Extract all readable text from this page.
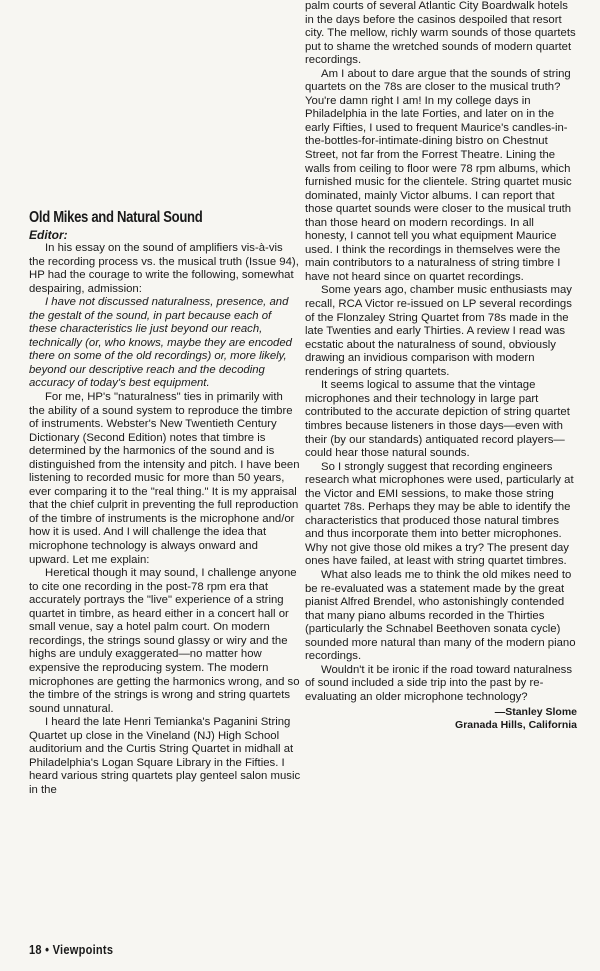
Old Mikes and Natural Sound
Editor:

In his essay on the sound of amplifiers vis-à-vis the recording process vs. the musical truth (Issue 94), HP had the courage to write the following, somewhat despairing, admission:

I have not discussed naturalness, presence, and the gestalt of the sound, in part because each of these characteristics lie just beyond our reach, technically (or, who knows, maybe they are encoded there on some of the old recordings) or, more likely, beyond our descriptive reach and the decoding accuracy of today's best equipment.

For me, HP's "naturalness" ties in primarily with the ability of a sound system to reproduce the timbre of instruments. Webster's New Twentieth Century Dictionary (Second Edition) notes that timbre is determined by the harmonics of the sound and is distinguished from the intensity and pitch. I have been listening to recorded music for more than 50 years, ever comparing it to the "real thing." It is my appraisal that the chief culprit in preventing the full reproduction of the timbre of instruments is the microphone and/or how it is used. And I will challenge the idea that microphone technology is always onward and upward. Let me explain:

Heretical though it may sound, I challenge anyone to cite one recording in the post-78 rpm era that accurately portrays the "live" experience of a string quartet in timbre, as heard either in a concert hall or small venue, say a hotel palm court. On modern recordings, the strings sound glassy or wiry and the highs are unduly exaggerated—no matter how expensive the reproducing system. The modern microphones are getting the harmonics wrong, and so the timbre of the strings is wrong and string quartets sound unnatural.

I heard the late Henri Temianka's Paganini String Quartet up close in the Vineland (NJ) High School auditorium and the Curtis String Quartet in midhall at Philadelphia's Logan Square Library in the Fifties. I heard various string quartets play genteel salon music in the

palm courts of several Atlantic City Boardwalk hotels in the days before the casinos despoiled that resort city. The mellow, richly warm sounds of those quartets put to shame the wretched sounds of modern quartet recordings.

Am I about to dare argue that the sounds of string quartets on the 78s are closer to the musical truth? You're damn right I am! In my college days in Philadelphia in the late Forties, and later on in the early Fifties, I used to frequent Maurice's candles-in-the-bottles-for-intimate-dining bistro on Chestnut Street, not far from the Forrest Theatre. Lining the walls from ceiling to floor were 78 rpm albums, which furnished music for the clientele. String quartet music dominated, mainly Victor albums. I can report that those quartet sounds were closer to the musical truth than those heard on modern recordings. In all honesty, I cannot tell you what equipment Maurice used. I think the recordings in themselves were the main contributors to a naturalness of string timbre I have not heard since on quartet recordings.

Some years ago, chamber music enthusiasts may recall, RCA Victor re-issued on LP several recordings of the Flonzaley String Quartet from 78s made in the late Twenties and early Thirties. A review I read was ecstatic about the naturalness of sound, obviously drawing an invidious comparison with modern renderings of string quartets.

It seems logical to assume that the vintage microphones and their technology in large part contributed to the accurate depiction of string quartet timbres because listeners in those days—even with their (by our standards) antiquated record players—could hear those natural sounds.

So I strongly suggest that recording engineers research what microphones were used, particularly at the Victor and EMI sessions, to make those string quartet 78s. Perhaps they may be able to identify the characteristics that produced those natural timbres and thus incorporate them into better microphones. Why not give those old mikes a try? The present day ones have failed, at least with string quartet timbres.

What also leads me to think the old mikes need to be re-evaluated was a statement made by the great pianist Alfred Brendel, who astonishingly contended that many piano albums recorded in the Thirties (particularly the Schnabel Beethoven sonata cycle) sounded more natural than many of the modern piano recordings.

Wouldn't it be ironic if the road toward naturalness of sound included a side trip into the past by re-evaluating an older microphone technology?

—Stanley Slome
Granada Hills, California
18 • Viewpoints
